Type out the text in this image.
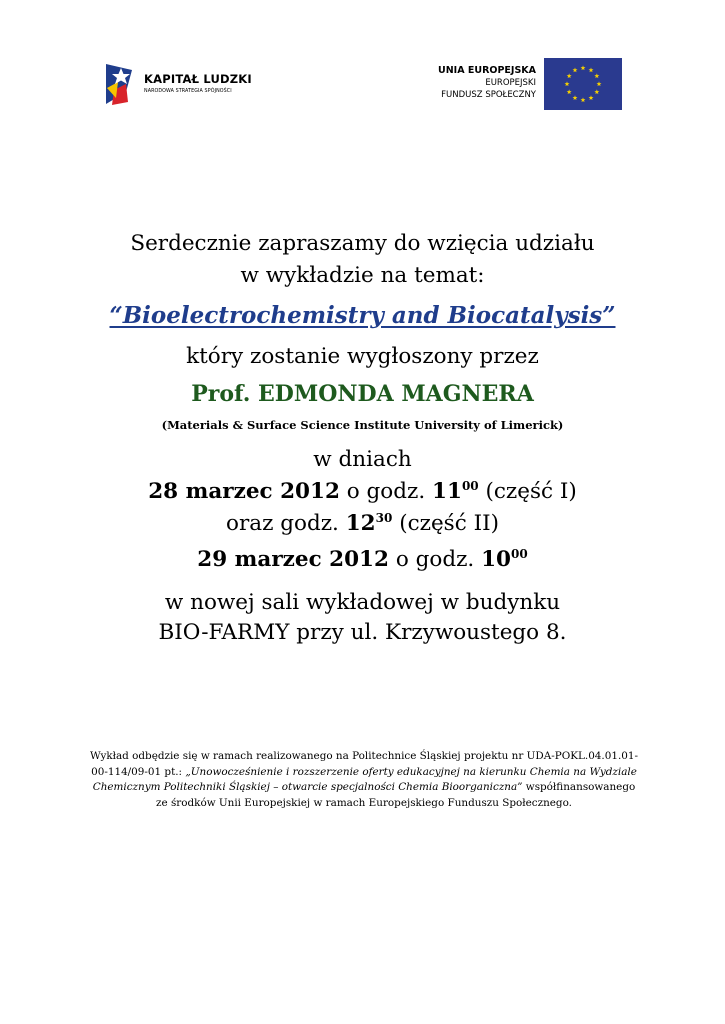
KAPITAŁ LUDZKI
NARODOWA STRATEGIA SPÓJNOŚCI
UNIA EUROPEJSKA
EUROPEJSKI
FUNDUSZ SPOŁECZNY
Serdecznie zapraszamy do wzięcia udziału
w wykładzie na temat:
“Bioelectrochemistry and Biocatalysis”
który zostanie wygłoszony przez
Prof. EDMONDA MAGNERA
(Materials & Surface Science Institute University of Limerick)
w dniach
28 marzec 2012 o godz. $11^{00}$ (część I)
oraz godz. $12^{30}$ (część II)
29 marzec 2012 o godz. $10^{00}$
w nowej sali wykładowej w budynku
BIO-FARMY przy ul. Krzywoustego 8.
Wykład odbędzie się w ramach realizowanego na Politechnice Śląskiej projektu nr UDA-POKL.04.01.01-00-114/09-01 pt.: „Unowocześnienie i rozszerzenie oferty edukacyjnej na kierunku Chemia na Wydziale Chemicznym Politechniki Śląskiej – otwarcie specjalności Chemia Bioorganiczna” współfinansowanego ze środków Unii Europejskiej w ramach Europejskiego Funduszu Społecznego.
